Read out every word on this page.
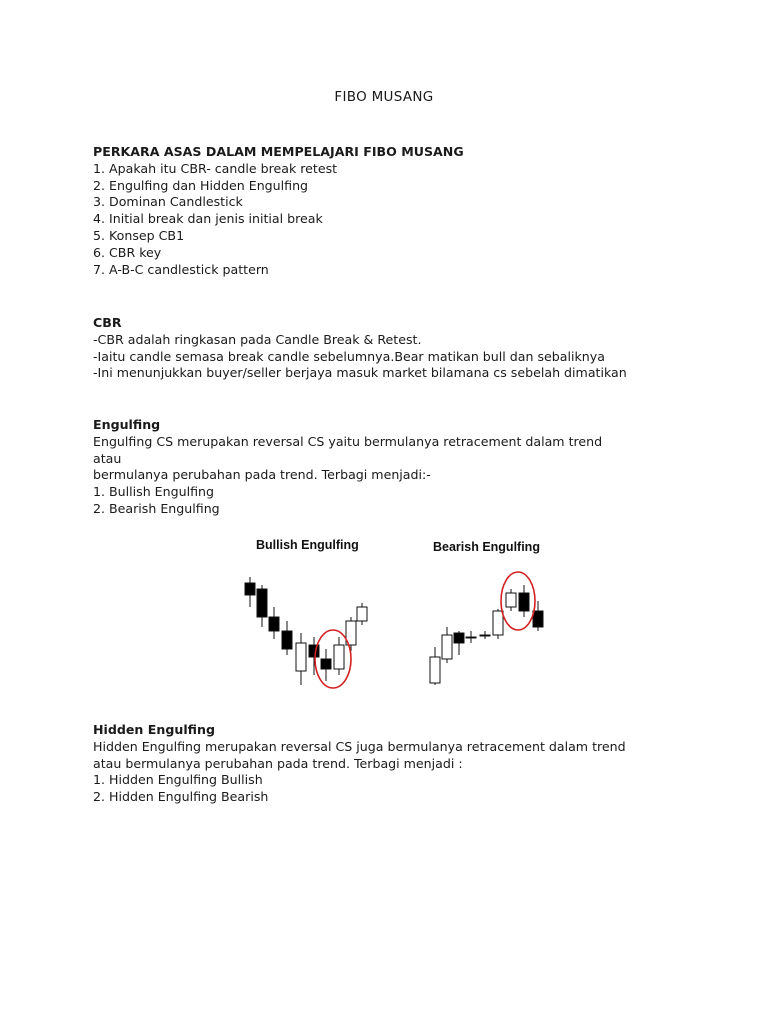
FIBO MUSANG
PERKARA ASAS DALAM MEMPELAJARI FIBO MUSANG
1. Apakah itu CBR- candle break retest
2. Engulfing dan Hidden Engulfing
3. Dominan Candlestick
4. Initial break dan jenis initial break
5. Konsep CB1
6. CBR key
7. A-B-C candlestick pattern
CBR
-CBR adalah ringkasan pada Candle Break & Retest.
-Iaitu candle semasa break candle sebelumnya.Bear matikan bull dan sebaliknya
-Ini menunjukkan buyer/seller berjaya masuk market bilamana cs sebelah dimatikan
Engulfing
Engulfing CS merupakan reversal CS yaitu bermulanya retracement dalam trend
atau
bermulanya perubahan pada trend. Terbagi menjadi:-
1. Bullish Engulfing
2. Bearish Engulfing
Bullish Engulfing	Bearish Engulfing
Hidden Engulfing
Hidden Engulfing merupakan reversal CS juga bermulanya retracement dalam trend
atau bermulanya perubahan pada trend. Terbagi menjadi :
1. Hidden Engulfing Bullish
2. Hidden Engulfing Bearish
